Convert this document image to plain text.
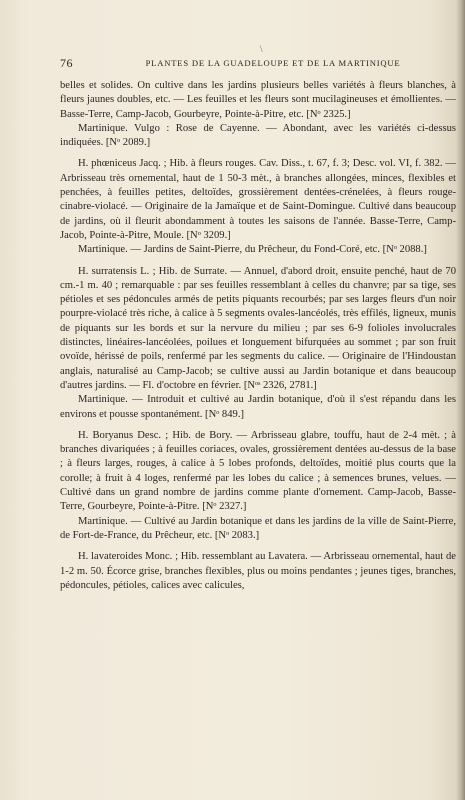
\
76	PLANTES DE LA GUADELOUPE ET DE LA MARTINIQUE

belles et solides. On cultive dans les jardins plusieurs belles variétés à fleurs blanches, à fleurs jaunes doubles, etc. — Les feuilles et les fleurs sont mucilagineuses et émollientes. — Basse-Terre, Camp-Jacob, Gourbeyre, Pointe-à-Pitre, etc. [Nᵒ 2325.]

Martinique. Vulgo : Rose de Cayenne. — Abondant, avec les variétés ci-dessus indiquées. [Nᵒ 2089.]

H. phœniceus Jacq. ; Hib. à fleurs rouges. Cav. Diss., t. 67, f. 3; Desc. vol. VI, f. 382. — Arbrisseau très ornemental, haut de 1 50-3 mèt., à branches allongées, minces, flexibles et penchées, à feuilles petites, deltoïdes, grossièrement dentées-crénelées, à fleurs rouge-cinabre-violacé. — Originaire de la Jamaïque et de Saint-Domingue. Cultivé dans beaucoup de jardins, où il fleurit abondamment à toutes les saisons de l'année. Basse-Terre, Camp-Jacob, Pointe-à-Pitre, Moule. [Nᵒ 3209.]

Martinique. — Jardins de Saint-Pierre, du Prêcheur, du Fond-Coré, etc. [Nᵒ 2088.]

H. surratensis L. ; Hib. de Surrate. — Annuel, d'abord droit, ensuite penché, haut de 70 cm.-1 m. 40 ; remarquable : par ses feuilles ressemblant à celles du chanvre; par sa tige, ses pétioles et ses pédoncules armés de petits piquants recourbés; par ses larges fleurs d'un noir pourpre-violacé très riche, à calice à 5 segments ovales-lancéolés, très effilés, ligneux, munis de piquants sur les bords et sur la nervure du milieu ; par ses 6-9 folioles involucrales distinctes, linéaires-lancéolées, poilues et longuement bifurquées au sommet ; par son fruit ovoïde, hérissé de poils, renfermé par les segments du calice. — Originaire de l'Hindoustan anglais, naturalisé au Camp-Jacob; se cultive aussi au Jardin botanique et dans beaucoup d'autres jardins. — Fl. d'octobre en février. [Nᵒˢ 2326, 2781.]

Martinique. — Introduit et cultivé au Jardin botanique, d'où il s'est répandu dans les environs et pousse spontanément. [Nᵒ 849.]

H. Boryanus Desc. ; Hib. de Bory. — Arbrisseau glabre, touffu, haut de 2-4 mèt. ; à branches divariquées ; à feuilles coriaces, ovales, grossièrement dentées au-dessus de la base ; à fleurs larges, rouges, à calice à 5 lobes profonds, deltoïdes, moitié plus courts que la corolle; à fruit à 4 loges, renfermé par les lobes du calice ; à semences brunes, velues. — Cultivé dans un grand nombre de jardins comme plante d'ornement. Camp-Jacob, Basse-Terre, Gourbeyre, Pointe-à-Pitre. [Nᵒ 2327.]

Martinique. — Cultivé au Jardin botanique et dans les jardins de la ville de Saint-Pierre, de Fort-de-France, du Prêcheur, etc. [Nᵒ 2083.]

H. lavateroides Monc. ; Hib. ressemblant au Lavatera. — Arbrisseau ornemental, haut de 1-2 m. 50. Écorce grise, branches flexibles, plus ou moins pendantes ; jeunes tiges, branches, pédoncules, pétioles, calices avec calicules,
